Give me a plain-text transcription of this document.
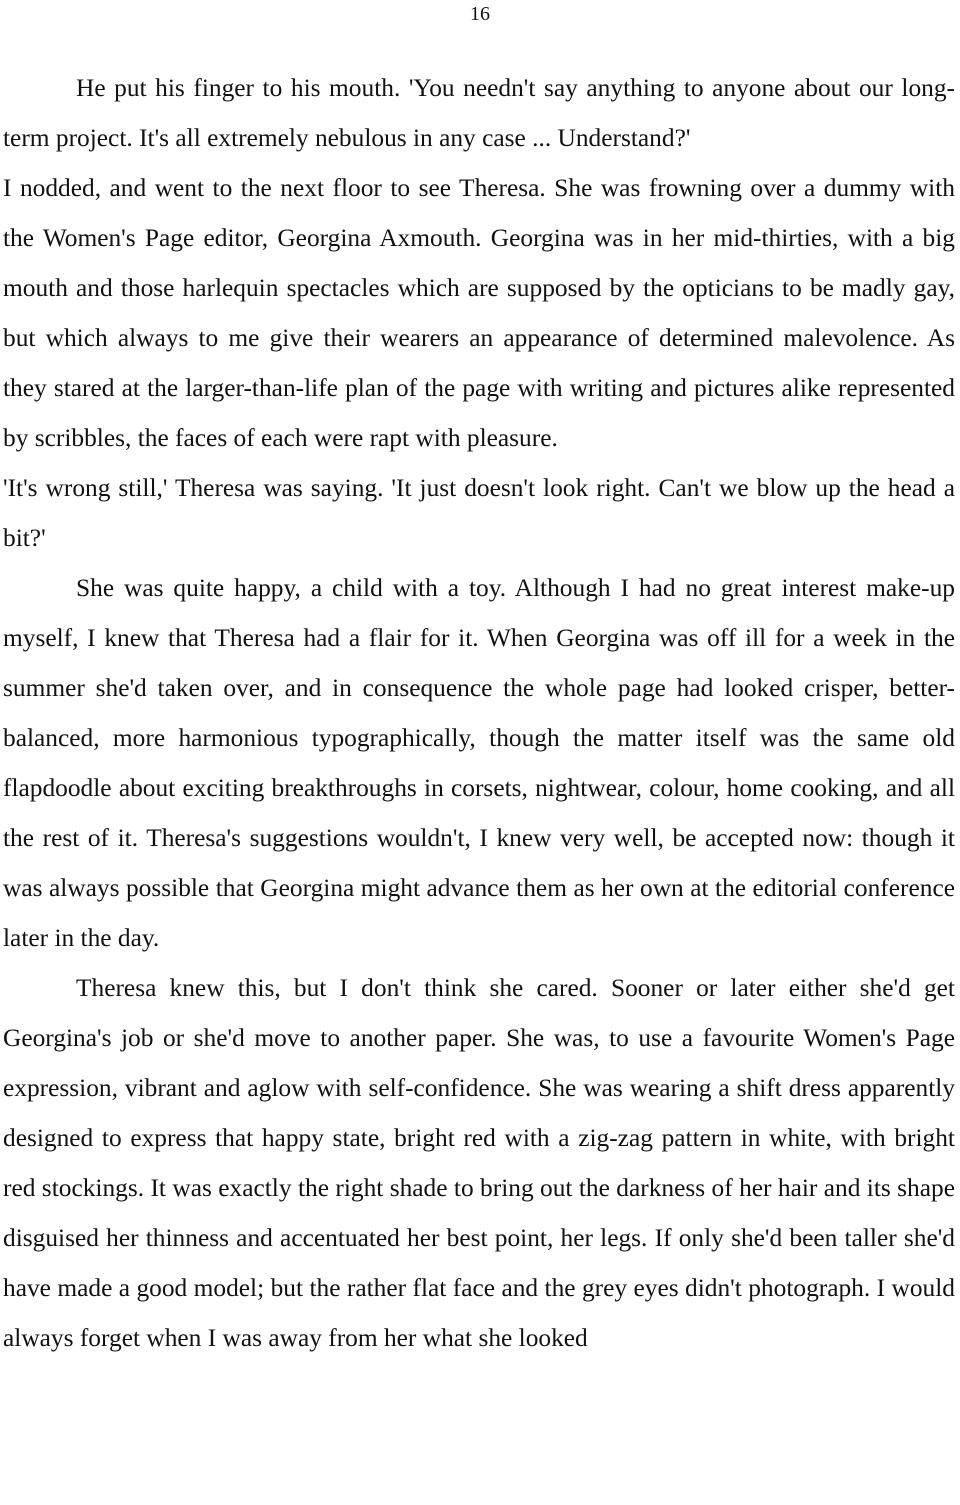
16

He put his finger to his mouth. 'You needn't say anything to anyone about our long-term project. It's all extremely nebulous in any case ... Understand?'

I nodded, and went to the next floor to see Theresa. She was frowning over a dummy with the Women's Page editor, Georgina Axmouth. Georgina was in her mid-thirties, with a big mouth and those harlequin spectacles which are supposed by the opticians to be madly gay, but which always to me give their wearers an appearance of determined malevolence. As they stared at the larger-than-life plan of the page with writing and pictures alike represented by scribbles, the faces of each were rapt with pleasure.

'It's wrong still,' Theresa was saying. 'It just doesn't look right. Can't we blow up the head a bit?'

She was quite happy, a child with a toy. Although I had no great interest make-up myself, I knew that Theresa had a flair for it. When Georgina was off ill for a week in the summer she'd taken over, and in consequence the whole page had looked crisper, better-balanced, more harmonious typographically, though the matter itself was the same old flapdoodle about exciting breakthroughs in corsets, nightwear, colour, home cooking, and all the rest of it. Theresa's suggestions wouldn't, I knew very well, be accepted now: though it was always possible that Georgina might advance them as her own at the editorial conference later in the day.

Theresa knew this, but I don't think she cared. Sooner or later either she'd get Georgina's job or she'd move to another paper. She was, to use a favourite Women's Page expression, vibrant and aglow with self-confidence. She was wearing a shift dress apparently designed to express that happy state, bright red with a zig-zag pattern in white, with bright red stockings. It was exactly the right shade to bring out the darkness of her hair and its shape disguised her thinness and accentuated her best point, her legs. If only she'd been taller she'd have made a good model; but the rather flat face and the grey eyes didn't photograph. I would always forget when I was away from her what she looked
